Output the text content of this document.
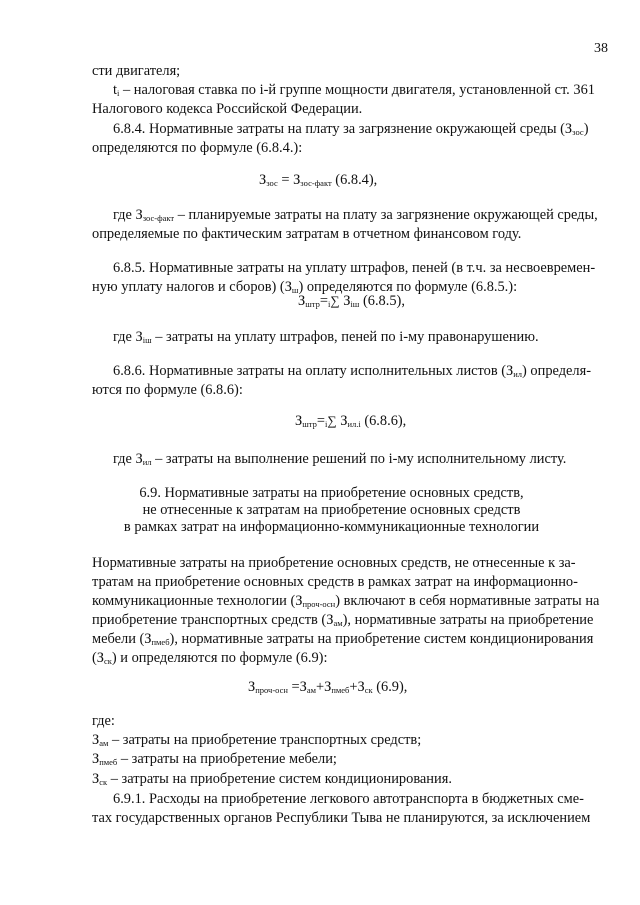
38
сти двигателя;
$t_i$ – налоговая ставка по i-й группе мощности двигателя, установленной ст. 361
Налогового кодекса Российской Федерации.
6.8.4. Нормативные затраты на плату за загрязнение окружающей среды $(З_{зос})$
определяются по формуле (6.8.4.):
$З_{зос} = З_{зос-факт}$ (6.8.4),
где $З_{зос-факт}$ – планируемые затраты на плату за загрязнение окружающей среды,
определяемые по фактическим затратам в отчетном финансовом году.
6.8.5. Нормативные затраты на уплату штрафов, пеней (в т.ч. за несвоевремен-
ную уплату налогов и сборов) $(З_ш)$ определяются по формуле (6.8.5.):
$З_{штр}=_i\sum$ $З_{iш}$ (6.8.5),
где $З_{iш}$ – затраты на уплату штрафов, пеней по i-му правонарушению.
6.8.6. Нормативные затраты на оплату исполнительных листов $(З_{ил})$ определя-
ются по формуле (6.8.6):
$З_{штр}=_i\sum$ $З_{ил.i}$ (6.8.6),
где $З_{ил}$ – затраты на выполнение решений по i-му исполнительному листу.
6.9. Нормативные затраты на приобретение основных средств,
не отнесенные к затратам на приобретение основных средств
в рамках затрат на информационно-коммуникационные технологии
Нормативные затраты на приобретение основных средств, не отнесенные к за-
тратам на приобретение основных средств в рамках затрат на информационно-
коммуникационные технологии $(З_{проч-осн})$ включают в себя нормативные затраты на
приобретение транспортных средств $(З_{ам})$, нормативные затраты на приобретение
мебели $(З_{пмеб})$, нормативные затраты на приобретение систем кондиционирования
$(З_{ск})$ и определяются по формуле (6.9):
$З_{проч-осн} =З_{ам}+З_{пмеб}+З_{ск}$ (6.9),
где:
$З_{ам}$ – затраты на приобретение транспортных средств;
$З_{пмеб}$ – затраты на приобретение мебели;
$З_{ск}$ – затраты на приобретение систем кондиционирования.
6.9.1. Расходы на приобретение легкового автотранспорта в бюджетных сме-
тах государственных органов Республики Тыва не планируются, за исключением
